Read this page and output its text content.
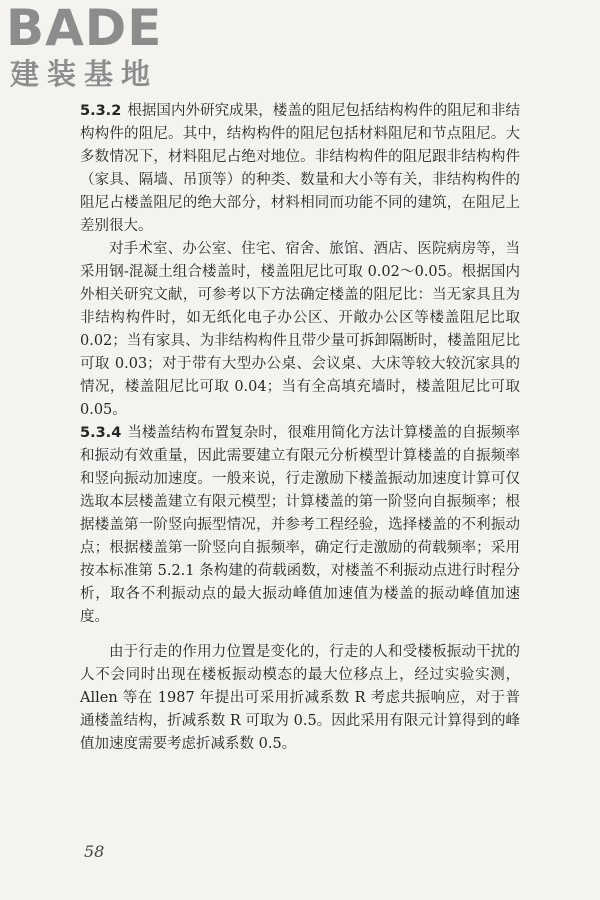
BADE
建装基地

5.3.2 根据国内外研究成果，楼盖的阻尼包括结构构件的阻尼和非结构构件的阻尼。其中，结构构件的阻尼包括材料阻尼和节点阻尼。大多数情况下，材料阻尼占绝对地位。非结构构件的阻尼跟非结构构件（家具、隔墙、吊顶等）的种类、数量和大小等有关，非结构构件的阻尼占楼盖阻尼的绝大部分，材料相同而功能不同的建筑，在阻尼上差别很大。

对手术室、办公室、住宅、宿舍、旅馆、酒店、医院病房等，当采用钢-混凝土组合楼盖时，楼盖阻尼比可取 0.02～0.05。根据国内外相关研究文献，可参考以下方法确定楼盖的阻尼比：当无家具且为非结构构件时，如无纸化电子办公区、开敞办公区等楼盖阻尼比取 0.02；当有家具、为非结构构件且带少量可拆卸隔断时，楼盖阻尼比可取 0.03；对于带有大型办公桌、会议桌、大床等较大较沉家具的情况，楼盖阻尼比可取 0.04；当有全高填充墙时，楼盖阻尼比可取 0.05。

5.3.4 当楼盖结构布置复杂时，很难用简化方法计算楼盖的自振频率和振动有效重量，因此需要建立有限元分析模型计算楼盖的自振频率和竖向振动加速度。一般来说，行走激励下楼盖振动加速度计算可仅选取本层楼盖建立有限元模型；计算楼盖的第一阶竖向自振频率；根据楼盖第一阶竖向振型情况，并参考工程经验，选择楼盖的不利振动点；根据楼盖第一阶竖向自振频率，确定行走激励的荷载频率；采用按本标准第 5.2.1 条构建的荷载函数，对楼盖不利振动点进行时程分析，取各不利振动点的最大振动峰值加速值为楼盖的振动峰值加速度。

由于行走的作用力位置是变化的，行走的人和受楼板振动干扰的人不会同时出现在楼板振动模态的最大位移点上，经过实验实测，Allen 等在 1987 年提出可采用折减系数 R 考虑共振响应，对于普通楼盖结构，折减系数 R 可取为 0.5。因此采用有限元计算得到的峰值加速度需要考虑折减系数 0.5。

58
